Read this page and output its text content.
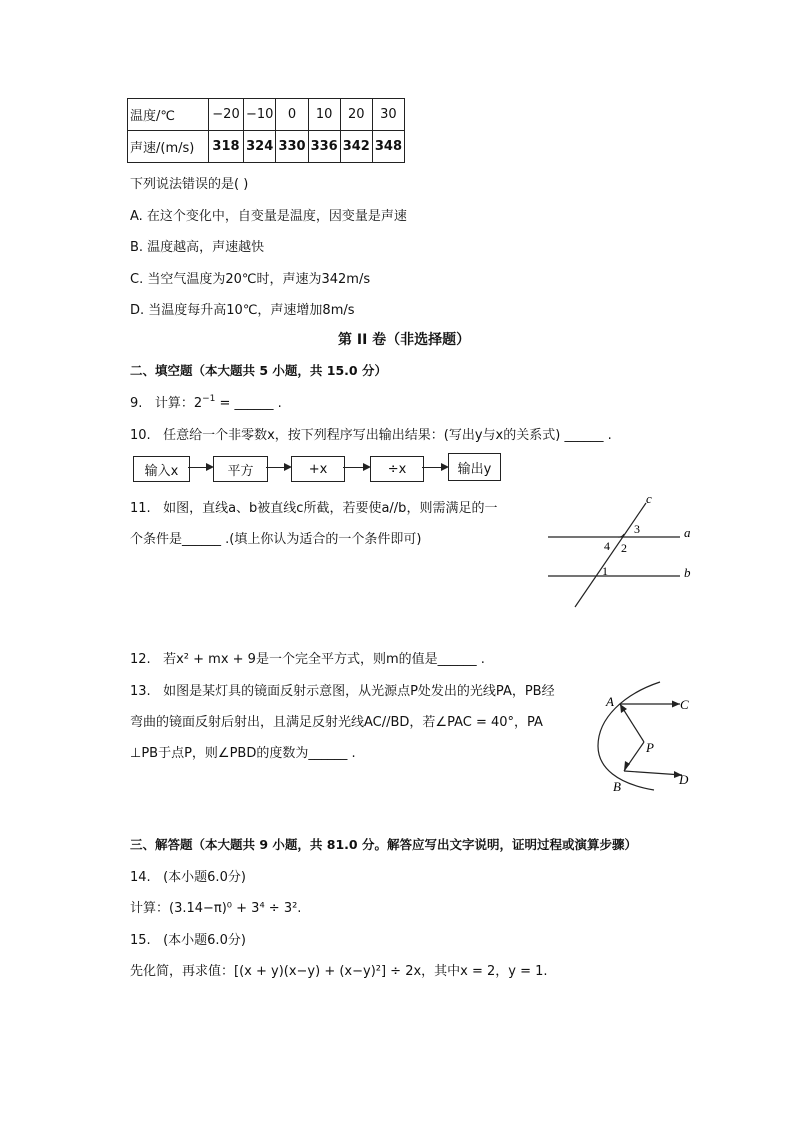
温度/℃	−20	−10	0	10	20	30
声速/(m/s)	318	324	330	336	342	348
下列说法错误的是( )
A. 在这个变化中，自变量是温度，因变量是声速
B. 温度越高，声速越快
C. 当空气温度为20℃时，声速为342m/s
D. 当温度每升高10℃，声速增加8m/s
第 II 卷（非选择题）
二、填空题（本大题共 5 小题，共 15.0 分）
9. 计算：$2^{-1}$ = ______ .
10. 任意给一个非零数x，按下列程序写出输出结果：(写出y与x的关系式) ______ .
输入x	平方	+x	÷x	输出y
11. 如图，直线a、b被直线c所截，若要使a//b，则需满足的一
个条件是______ .(填上你认为适合的一个条件即可)
c
a
b
3
4 2
1
12. 若x² + mx + 9是一个完全平方式，则m的值是______ .
13. 如图是某灯具的镜面反射示意图，从光源点P处发出的光线PA，PB经
弯曲的镜面反射后射出，且满足反射光线AC//BD，若∠PAC = 40°，PA
⊥PB于点P，则∠PBD的度数为______ .
A	C
P
B	D
三、解答题（本大题共 9 小题，共 81.0 分。解答应写出文字说明，证明过程或演算步骤）
14. (本小题6.0分)
计算：(3.14−π)⁰ + 3⁴ ÷ 3².
15. (本小题6.0分)
先化简，再求值：[(x + y)(x−y) + (x−y)²] ÷ 2x，其中x = 2，y = 1.
